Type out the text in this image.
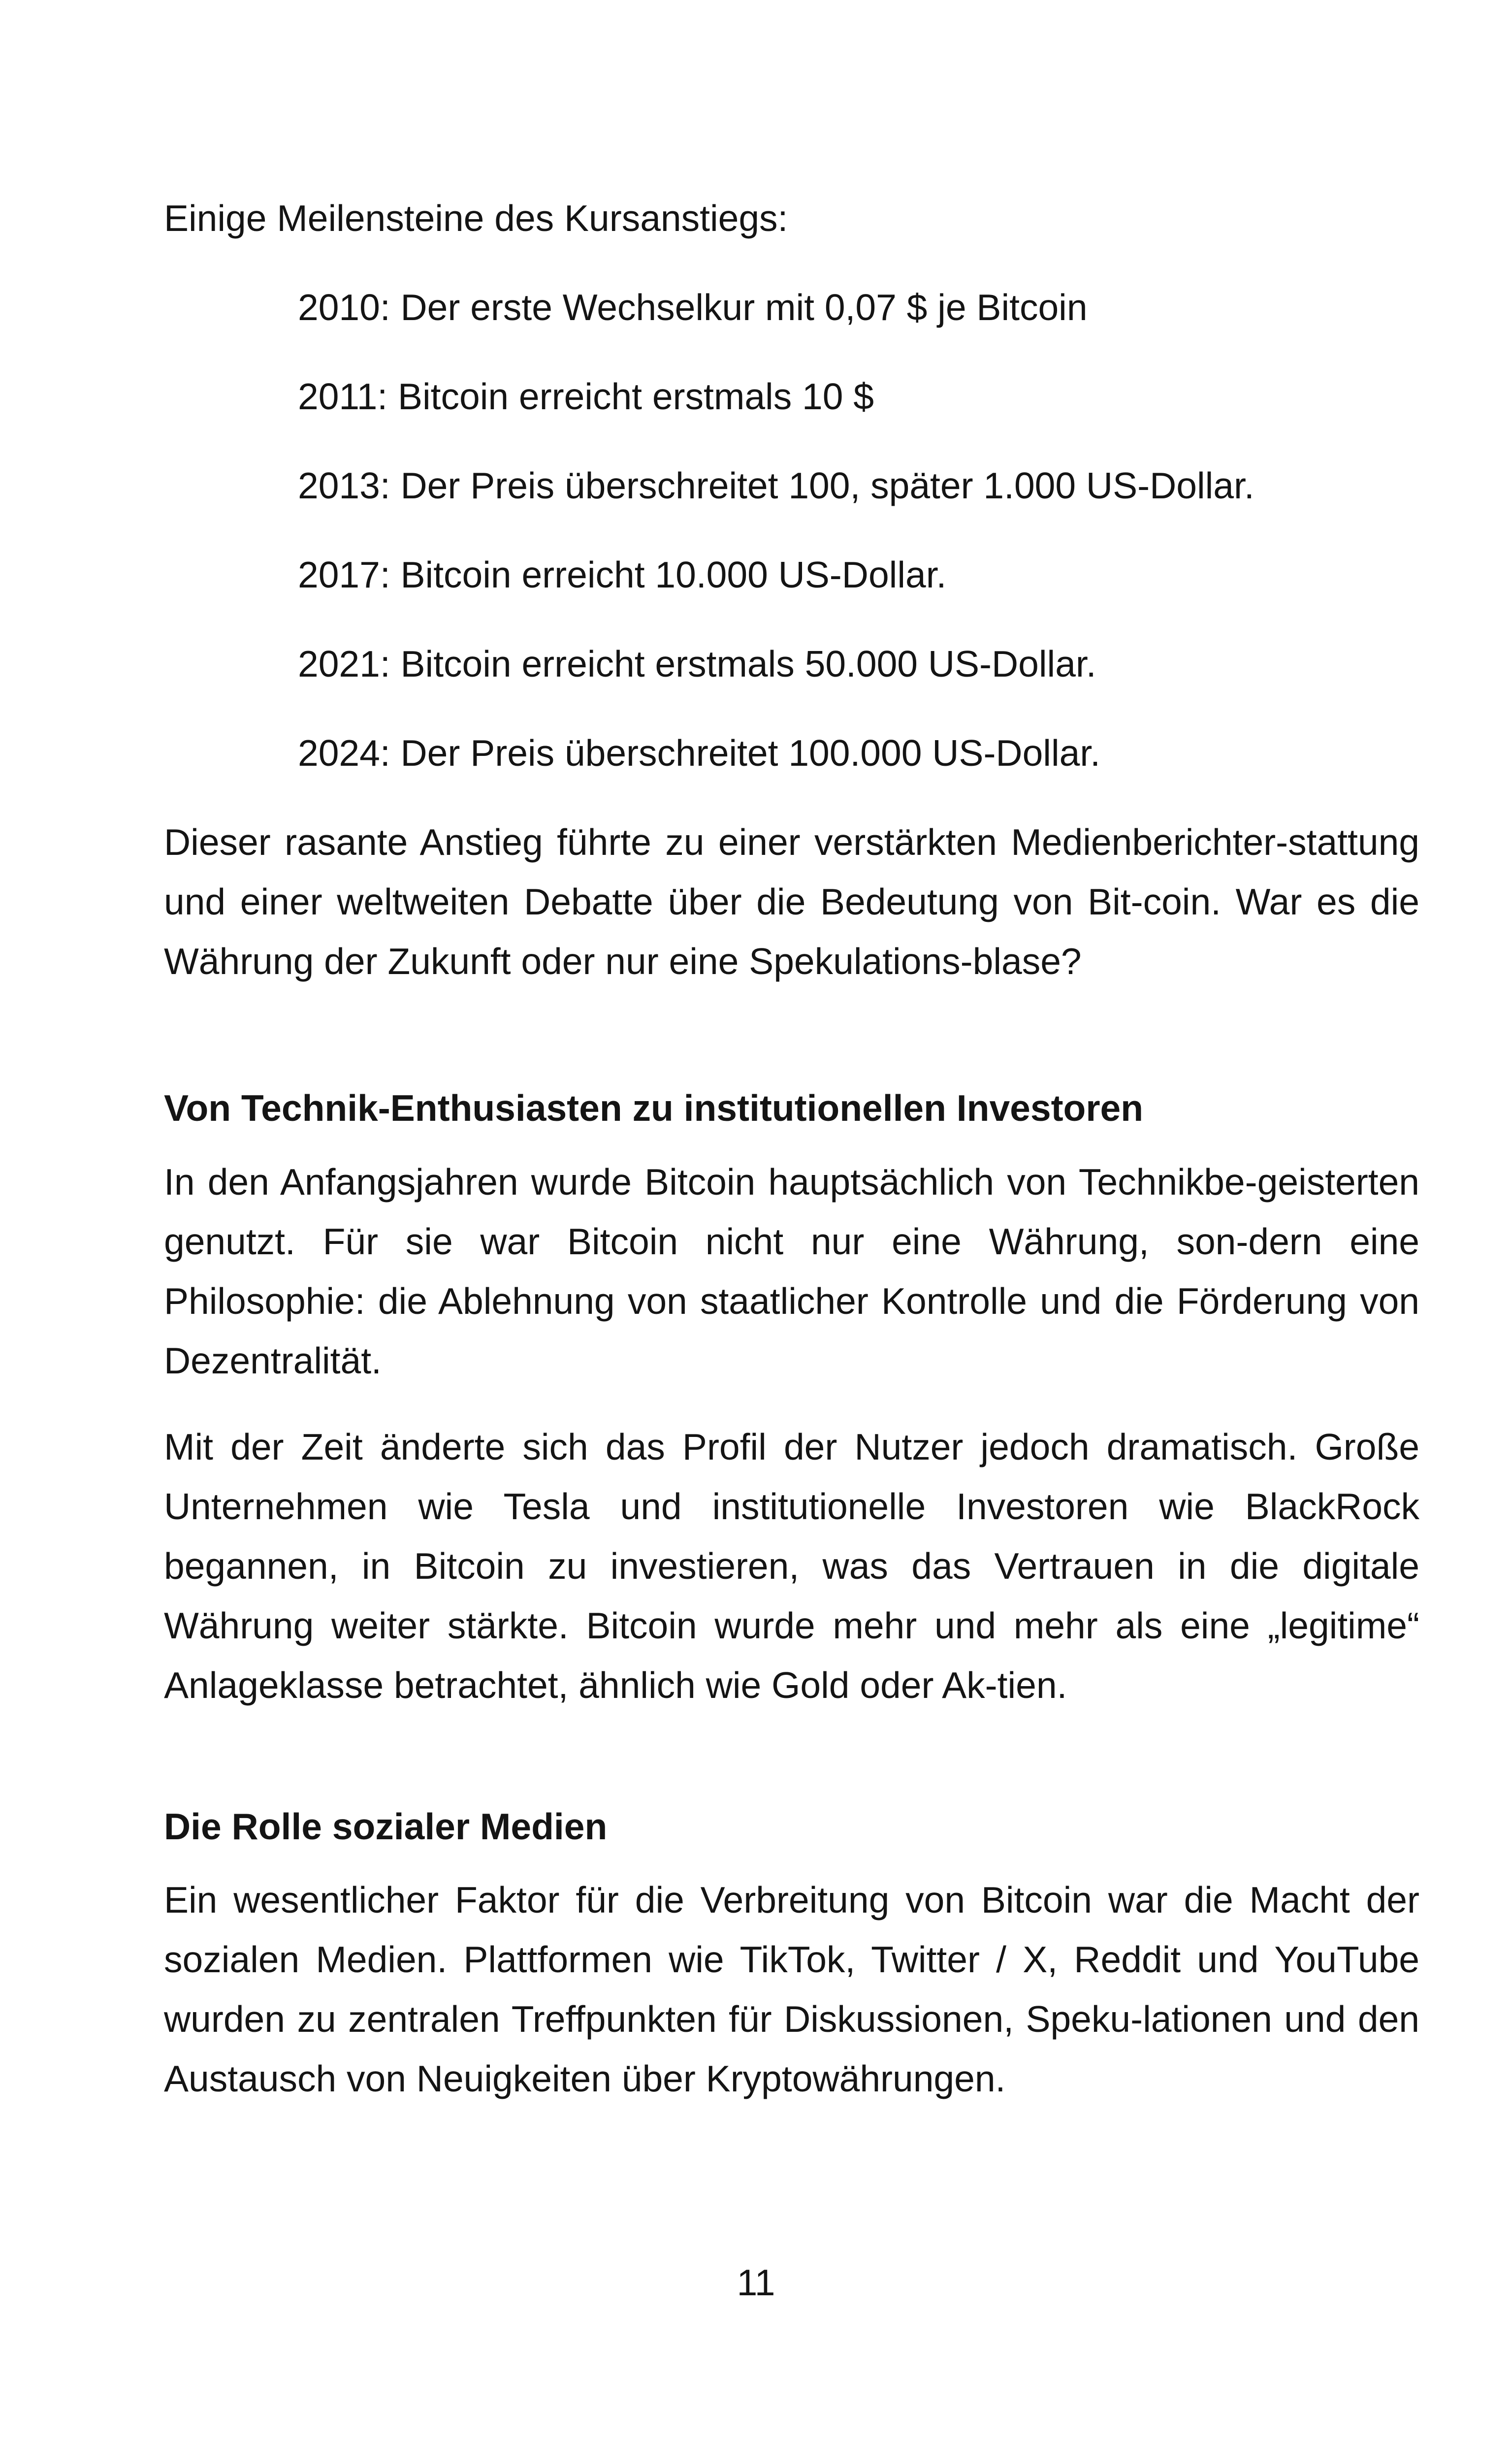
Einige Meilensteine des Kursanstiegs:

2010: Der erste Wechselkur mit 0,07 $ je Bitcoin

2011: Bitcoin erreicht erstmals 10 $

2013: Der Preis überschreitet 100, später 1.000 US-Dollar.

2017: Bitcoin erreicht 10.000 US-Dollar.

2021: Bitcoin erreicht erstmals 50.000 US-Dollar.

2024: Der Preis überschreitet 100.000 US-Dollar.

Dieser rasante Anstieg führte zu einer verstärkten Medienberichter-stattung und einer weltweiten Debatte über die Bedeutung von Bit-coin. War es die Währung der Zukunft oder nur eine Spekulations-blase?

Von Technik-Enthusiasten zu institutionellen Investoren

In den Anfangsjahren wurde Bitcoin hauptsächlich von Technikbe-geisterten genutzt. Für sie war Bitcoin nicht nur eine Währung, son-dern eine Philosophie: die Ablehnung von staatlicher Kontrolle und die Förderung von Dezentralität.

Mit der Zeit änderte sich das Profil der Nutzer jedoch dramatisch. Große Unternehmen wie Tesla und institutionelle Investoren wie BlackRock begannen, in Bitcoin zu investieren, was das Vertrauen in die digitale Währung weiter stärkte. Bitcoin wurde mehr und mehr als eine „legitime“ Anlageklasse betrachtet, ähnlich wie Gold oder Ak-tien.

Die Rolle sozialer Medien

Ein wesentlicher Faktor für die Verbreitung von Bitcoin war die Macht der sozialen Medien. Plattformen wie TikTok, Twitter / X, Reddit und YouTube wurden zu zentralen Treffpunkten für Diskussionen, Speku-lationen und den Austausch von Neuigkeiten über Kryptowährungen.

11
